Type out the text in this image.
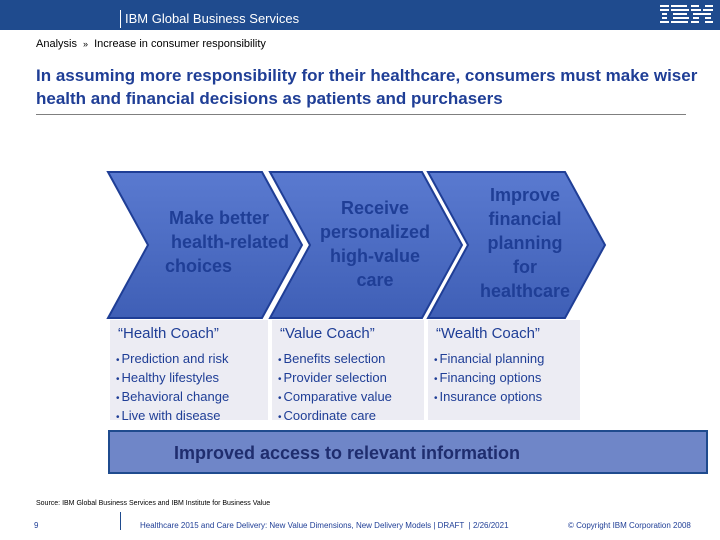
IBM Global Business Services
Analysis » Increase in consumer responsibility
In assuming more responsibility for their healthcare, consumers must make wiser health and financial decisions as patients and purchasers
Make better
health-related
choices
Receive
personalized
high-value
care
Improve
financial
planning
for
healthcare
“Health Coach”
• Prediction and risk
• Healthy lifestyles
• Behavioral change
• Live with disease
“Value Coach”
• Benefits selection
• Provider selection
• Comparative value
• Coordinate care
“Wealth Coach”
• Financial planning
• Financing options
• Insurance options
Improved access to relevant information
Source: IBM Global Business Services and IBM Institute for Business Value
9	Healthcare 2015 and Care Delivery: New Value Dimensions, New Delivery Models | DRAFT  | 2/26/2021	© Copyright IBM Corporation 2008
